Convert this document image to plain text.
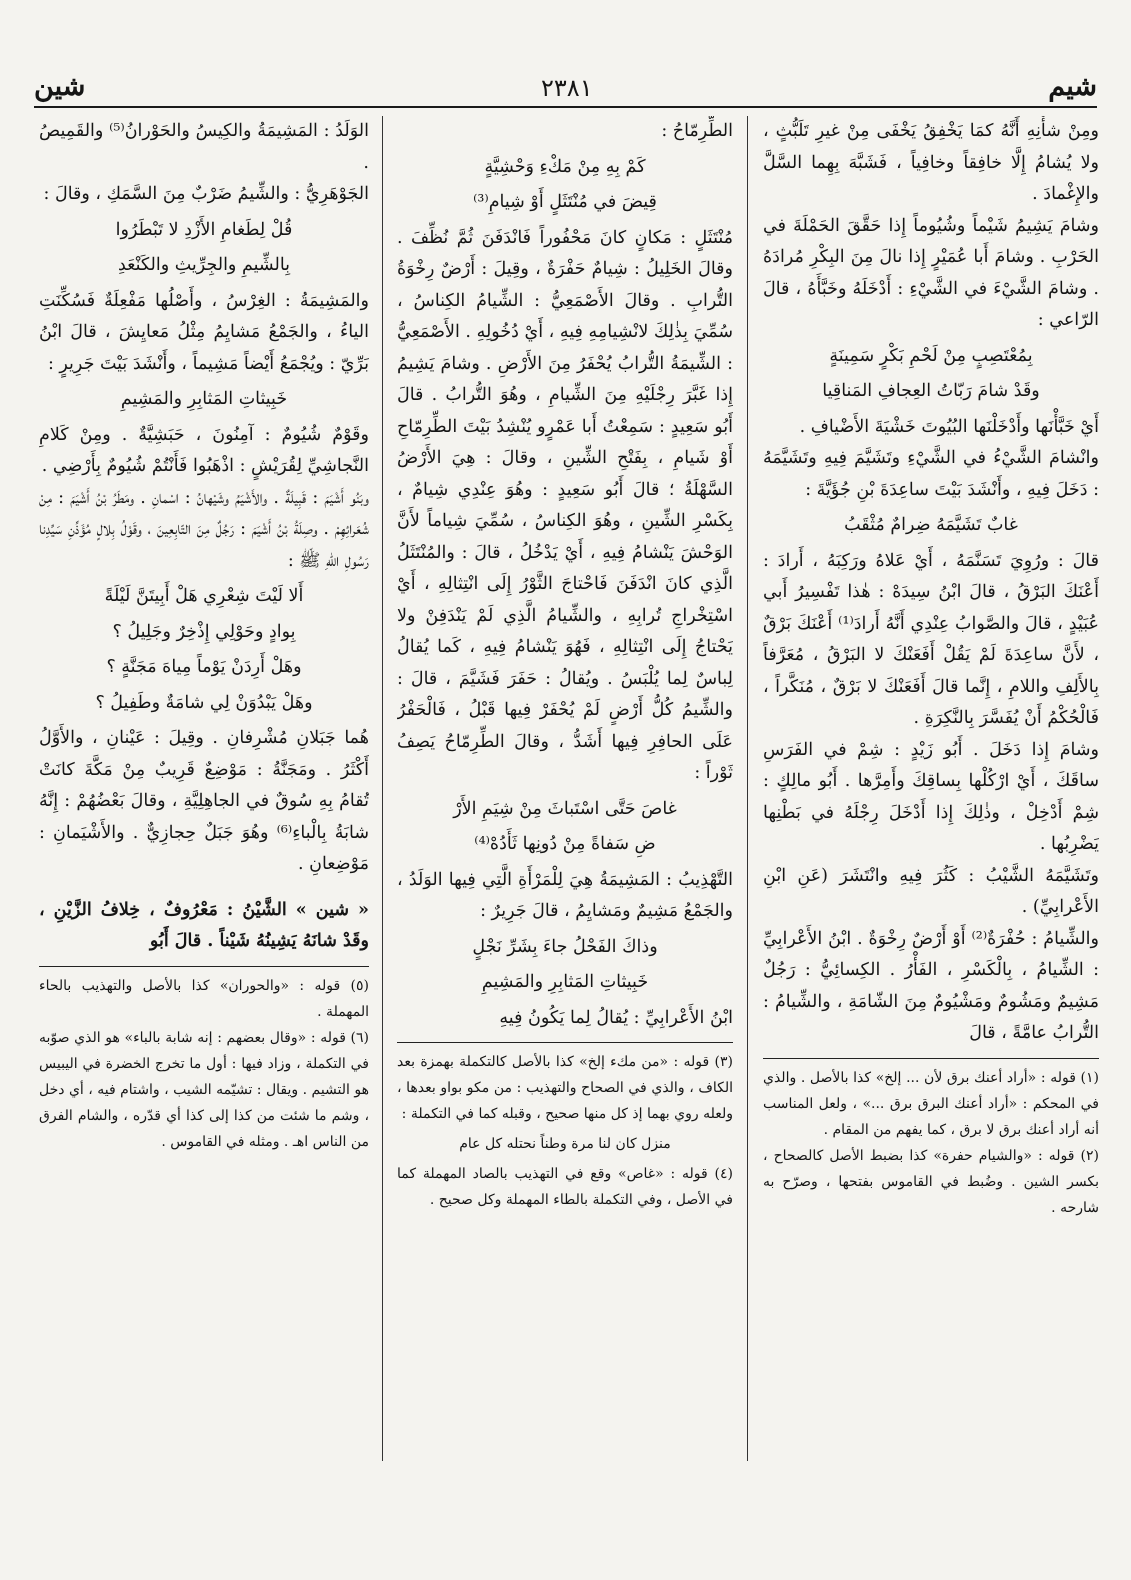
شيم
٢٣٨١
شين

ومِنْ شأْنِهِ أَنَّهُ كمَا يَخْفِقُ يَخْفَى مِنْ غيرِ تَلَبُّثٍ ، ولا يُشامُ إِلَّا خافِقاً وخافِياً ، فَشَبَّهَ بِهِما السَّلَّ والإِغْمادَ .

وشامَ يَشِيمُ شَيْماً وشُيُوماً إِذا حَقَّقَ الحَمْلَةَ في الحَرْبِ . وشامَ أَبا عُمَيْرٍ إِذا نالَ مِنَ البِكْرِ مُرادَهُ . وشامَ الشَّيْءَ في الشَّيْءِ : أَدْخَلَهُ وخَبَّأَهُ ، قالَ الرّاعي :

بِمُعْتَصِبٍ مِنْ لَحْمِ بَكْرٍ سَمِينَةٍ

وقَدْ شامَ رَبّاتُ العِجافِ المَناقِيا

أَيْ خَبَّأْنَها وأَدْخَلْنَها البُيُوتَ خَشْيَةَ الأَضْيافِ .

وانْشامَ الشَّيْءُ في الشَّيْءِ وتَشَيَّمَ فِيهِ وتَشَيَّمَهُ : دَخَلَ فِيهِ ، وأَنْشَدَ بَيْتَ ساعِدَةَ بْنِ جُؤَيَّةَ :

غابٌ تَشَيَّمَهُ ضِرامٌ مُثْقَبُ

قالَ : ورُوِيَ تَسَنَّمَهُ ، أَيْ عَلاهُ ورَكِبَهُ ، أَرادَ : أَعْنَكَ البَرْقُ ، قالَ ابْنُ سِيدَهْ : هٰذا تَفْسِيرُ أَبي عُبَيْدٍ ، قالَ والصَّوابُ عِنْدِي أَنَّهُ أَرادَ⁽¹⁾ أَعْنَكَ بَرْقٌ ، لأَنَّ ساعِدَةَ لَمْ يَقُلْ أَفَعَنْكَ لا البَرْقُ ، مُعَرَّفاً بِالأَلِفِ واللامِ ، إِنَّما قالَ أَفَعَنْكَ لا بَرْقٌ ، مُنَكَّراً ، فَالْحُكْمُ أَنْ يُفَسَّرَ بِالنَّكِرَةِ .

وشامَ إِذا دَخَلَ . أَبُو زَيْدٍ : شِمْ في الفَرَسِ ساقَكَ ، أَيْ ارْكُلْها بِساقِكَ وأَمِرَّها . أَبُو مالِكٍ : شِمْ أَدْخِلْ ، وذٰلِكَ إِذا أَدْخَلَ رِجْلَهُ في بَطْنِها يَضْرِبُها .

وتَشَيَّمَهُ الشَّيْبُ : كَثُرَ فِيهِ وانْتَشَرَ (عَنِ ابْنِ الأَعْرابِيِّ) .

والشِّيامُ : حُفْرَةٌ⁽²⁾ أَوْ أَرْضٌ رِخْوَةٌ . ابْنُ الأَعْرابِيِّ : الشِّيامُ ، بِالْكَسْرِ ، الفَأْرُ . الكِسائِيُّ : رَجُلٌ مَشِيمٌ ومَشُومٌ ومَشْيُومٌ مِنَ الشّامَةِ ، والشِّيامُ : التُّرابُ عامَّةً ، قالَ

(١) قوله : «أراد أعنك برق لأن ... إلخ» كذا بالأصل . والذي في المحكم : «أراد أعنك البرق برق ...» ، ولعل المناسب أنه أراد أعنك برق لا برق ، كما يفهم من المقام .

(٢) قوله : «والشيام حفرة» كذا بضبط الأصل كالصحاح ، بكسر الشين . وضُبط في القاموس بفتحها ، وصرّح به شارحه .

الطِّرِمّاحُ :

كَمْ بِهِ مِنْ مَكْءِ وَحْشِيَّةٍ

قِيضَ في مُنْتَثَلٍ أَوْ شِيامِ⁽³⁾

مُنْتَثَلٍ : مَكانٍ كانَ مَحْفُوراً فَانْدَفَنَ ثُمَّ نُظِّفَ . وقالَ الخَلِيلُ : شِيامٌ حَفْرَةٌ ، وقِيلَ : أَرْضٌ رِخْوَةُ التُّرابِ . وقالَ الأَصْمَعِيُّ : الشِّيامُ الكِناسُ ، سُمِّيَ بِذٰلِكَ لانْشِيامِهِ فِيهِ ، أَيْ دُخُولِهِ . الأَصْمَعِيُّ : الشِّيمَةُ التُّرابُ يُحْفَرُ مِنَ الأَرْضِ . وشامَ يَشِيمُ إِذا غَبَّرَ رِجْلَيْهِ مِنَ الشِّيامِ ، وهُوَ التُّرابُ . قالَ أَبُو سَعِيدٍ : سَمِعْتُ أَبا عَمْرٍو يُنْشِدُ بَيْتَ الطِّرِمّاحِ أَوْ شَيامِ ، بِفَتْحِ الشِّينِ ، وقالَ : هِيَ الأَرْضُ السَّهْلَةُ ؛ قالَ أَبُو سَعِيدٍ : وهُوَ عِنْدِي شِيامٌ ، بِكَسْرِ الشِّينِ ، وهُوَ الكِناسُ ، سُمِّيَ شِياماً لأَنَّ الوَحْشَ يَنْشامُ فِيهِ ، أَيْ يَدْخُلُ ، قالَ : والمُنْتَثَلُ الَّذِي كانَ انْدَفَنَ فَاحْتاجَ الثَّوْرُ إِلَى انْتِثالِهِ ، أَيْ اسْتِخْراجِ تُرابِهِ ، والشِّيامُ الَّذِي لَمْ يَنْدَفِنْ ولا يَحْتاجُ إِلَى انْتِثالِهِ ، فَهُوَ يَنْشامُ فِيهِ ، كَما يُقالُ لِباسٌ لِما يُلْبَسُ . ويُقالُ : حَفَرَ فَشَيَّمَ ، قالَ : والشِّيمُ كُلُّ أَرْضٍ لَمْ يُحْفَرْ فِيها قَبْلُ ، فَالْحَفْرُ عَلَى الحافِرِ فِيها أَشَدُّ ، وقالَ الطِّرِمّاحُ يَصِفُ ثَوْراً :

غاصَ حَتَّى اسْتَباثَ مِنْ شِيَمِ الأَرْ

ضِ سَفاةً مِنْ دُونِها ثَأَدُهْ⁽⁴⁾

التَّهْذِيبُ : المَشِيمَةُ هِيَ لِلْمَرْأَةِ الَّتِي فِيها الوَلَدُ ، والجَمْعُ مَشِيمٌ ومَشايِمُ ، قالَ جَرِيرٌ :

وذاكَ الفَحْلُ جاءَ بِشَرِّ نَجْلٍ

خَبِيثاتِ المَثابِرِ والمَشِيمِ

ابْنُ الأَعْرابِيِّ : يُقالُ لِما يَكُونُ فِيهِ

(٣) قوله : «من مكء إلخ» كذا بالأصل كالتكملة بهمزة بعد الكاف ، والذي في الصحاح والتهذيب : من مكو بواو بعدها ، ولعله روي بهما إذ كل منها صحيح ، وقبله كما في التكملة :

منزل كان لنا مرة وطناً نحتله كل عام

(٤) قوله : «غاص» وقع في التهذيب بالصاد المهملة كما في الأصل ، وفي التكملة بالطاء المهملة وكل صحيح .

الوَلَدُ : المَشِيمَةُ والكِيسُ والحَوْرانُ⁽⁵⁾ والقَمِيصُ .

الجَوْهَرِيُّ : والشِّيمُ ضَرْبٌ مِنَ السَّمَكِ ، وقالَ :

قُلْ لِطَغامِ الأَزْدِ لا تَبْطَرُوا

بِالشِّيمِ والجِرِّيثِ والكَنْعَدِ

والمَشِيمَةُ : الغِرْسُ ، وأَصْلُها مَفْعِلَةٌ فَسُكِّنَتِ الياءُ ، والجَمْعُ مَشايِمُ مِثْلُ مَعايِشَ ، قالَ ابْنُ بَرِّيّ : ويُجْمَعُ أَيْضاً مَشِيماً ، وأَنْشَدَ بَيْتَ جَرِيرٍ :

خَبِيثاتِ المَثابِرِ والمَشِيمِ

وقَوْمٌ شُيُومٌ : آمِنُونَ ، حَبَشِيَّةٌ . ومِنْ كَلامِ النَّجاشِيِّ لِقُرَيْشٍ : اذْهَبُوا فَأَنْتُمْ شُيُومٌ بِأَرْضِي .

وبَنُو أَشْيَمَ : قَبِيلَةٌ . والأَشْيَمُ وشَيْهانُ : اسْمانِ . ومَطَرُ بْنُ أَشْيَمَ : مِنْ شُعَرائِهِمْ . وصِلَةُ بْنُ أَشْيَمَ : رَجُلٌ مِنَ التّابِعِينَ ، وقَوْلُ بِلالٍ مُؤَذِّنِ سَيِّدِنا رَسُولِ اللّٰهِ ﷺ :

أَلا لَيْتَ شِعْرِي هَلْ أَبِيتَنَّ لَيْلَةً

بِوادٍ وحَوْلِي إِذْخِرٌ وجَلِيلُ ؟

وهَلْ أَرِدَنْ يَوْماً مِياهَ مَجَنَّةٍ ؟

وهَلْ يَبْدُوَنْ لِي شامَةٌ وطَفِيلُ ؟

هُما جَبَلانِ مُشْرِفانِ . وقِيلَ : عَيْنانِ ، والأَوَّلُ أَكْثَرُ . ومَجَنَّةُ : مَوْضِعٌ قَرِيبٌ مِنْ مَكَّةَ كانَتْ تُقامُ بِهِ سُوقٌ في الجاهِلِيَّةِ ، وقالَ بَعْضُهُمْ : إِنَّهُ شابَةُ بِالْباءِ⁽⁶⁾ وهُوَ جَبَلٌ حِجازِيٌّ . والأَشْيَمانِ : مَوْضِعانِ .

« شين » الشَّيْنُ : مَعْرُوفٌ ، خِلافُ الزَّيْنِ ، وقَدْ شانَهُ يَشِينُهُ شَيْناً . قالَ أَبُو

(٥) قوله : «والحوران» كذا بالأصل والتهذيب بالحاء المهملة .

(٦) قوله : «وقال بعضهم : إنه شابة بالباء» هو الذي صوّبه في التكملة ، وزاد فيها : أول ما تخرج الخضرة في اليبيس هو التشيم . ويقال : تشيّمه الشيب ، واشتام فيه ، أي دخل ، وشم ما شئت من كذا إلى كذا أي قدّره ، والشام الفرق من الناس اهـ . ومثله في القاموس .
